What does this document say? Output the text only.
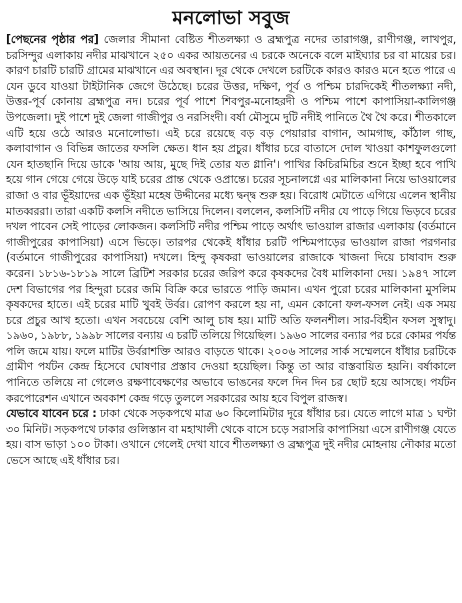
মনলোভা সবুজ

[পেছনের পৃষ্ঠার পর] জেলার সীমানা বেষ্টিত শীতলক্ষ্যা ও ব্রহ্মপুত্র নদের তারাগঞ্জ, রাণীগঞ্জ, লাখপুর, চরসিন্দুর এলাকায় নদীর মাঝখানে ২৫০ একর আয়তনের এ চরকে অনেকে বলে মাইঘ্যার চর বা মায়ের চর। কারণ চারটি চারটি গ্রামের মাঝখানে এর অবস্থান। দূর থেকে দেখলে চরটিকে কারও কারও মনে হতে পারে এ যেন ডুবে যাওয়া টাইটানিক জেগে উঠেছে। চরের উত্তর, দক্ষিণ, পূর্ব ও পশ্চিম চারদিকেই শীতলক্ষ্যা নদী, উত্তর-পূর্ব কোনায় ব্রহ্মপুত্র নদ। চরের পূর্ব পাশে শিবপুর-মনোহরদী ও পশ্চিম পাশে কাপাসিয়া-কালিগঞ্জ উপজেলা। দুই পাশে দুই জেলা গাজীপুর ও নরসিংদী। বর্ষা মৌসুমে দুটি নদীই পানিতে থৈ থৈ করে। শীতকালে এটি হয়ে ওঠে আরও মনোলোভা। এই চরে রয়েছে বড় বড় পেয়ারার বাগান, আমগাছ, কাঁঠাল গাছ, কলাবাগান ও বিভিন্ন জাতের ফসলি ক্ষেত। ধান হয় প্রচুর। ধাঁধার চরে বাতাসে দোল খাওয়া কাশফুলগুলো যেন হাতছানি দিয়ে ডাকে 'আয় আয়, মুছে দিই তোর যত গ্লানি'। পাখির কিচিরমিচির শুনে ইচ্ছা হবে পাখি হয়ে গান গেয়ে গেয়ে উড়ে যাই চরের প্রান্ত থেকে ওপ্রান্তে। চরের সূচনালগ্নে এর মালিকানা নিয়ে ভাওয়ালের রাজা ও বার ভূঁইয়াদের এক ভূঁইয়া মহেষ উদ্দীনের মধ্যে দ্বন্দ্ব শুরু হয়। বিরোধ মেটাতে এগিয়ে এলেন স্থানীয় মাতব্বররা। তারা একটি কলসি নদীতে ভাসিয়ে দিলেন। বললেন, কলসিটি নদীর যে পাড়ে গিয়ে ভিড়বে চরের দখল পাবেন সেই পাড়ের লোকজন। কলসিটি নদীর পশ্চিম পাড়ে অর্থাৎ ভাওয়াল রাজার এলাকায় (বর্তমানে গাজীপুরের কাপাসিয়া) এসে ভিড়ে। তারপর থেকেই ধাঁধার চরটি পশ্চিমপাড়ের ভাওয়াল রাজা পরগনার (বর্তমানে গাজীপুরের কাপাসিয়া) দখলে। হিন্দু কৃষকরা ভাওয়ালের রাজাকে খাজনা দিয়ে চাষাবাদ শুরু করেন। ১৮১৬-১৮১৯ সালে ব্রিটিশ সরকার চরের জরিপ করে কৃষকদের বৈধ মালিকানা দেয়। ১৯৪৭ সালে দেশ বিভাগের পর হিন্দুরা চরের জমি বিক্রি করে ভারতে পাড়ি জমান। এখন পুরো চরের মালিকানা মুসলিম কৃষকদের হাতে। এই চরের মাটি খুবই উর্বর। রোপণ করলে হয় না, এমন কোনো ফল-ফসল নেই। এক সময় চরে প্রচুর আখ হতো। এখন সবচেয়ে বেশি আলু চাষ হয়। মাটি অতি ফলনশীল। সার-বিহীন ফসল সুস্বাদু। ১৯৬০, ১৯৮৮, ১৯৯৮ সালের বন্যায় এ চরটি তলিয়ে গিয়েছিল। ১৯৬০ সালের বন্যার পর চরে কোমর পর্যন্ত পলি জমে যায়। ফলে মাটির উর্বরাশক্তি আরও বাড়তে থাকে। ২০০৬ সালের সার্ক সম্মেলনে ধাঁধার চরটিকে গ্রামীণ পর্যটন কেন্দ্র হিসেবে ঘোষণার প্রস্তাব দেওয়া হয়েছিল। কিন্তু তা আর বাস্তবায়িত হয়নি। বর্ষাকালে পানিতে তলিয়ে না গেলেও রক্ষণাবেক্ষণের অভাবে ভাঙনের ফলে দিন দিন চর ছোট হয়ে আসছে। পর্যটন করপোরেশন এখানে অবকাশ কেন্দ্র গড়ে তুললে সরকারের আয় হবে বিপুল রাজস্ব।

যেভাবে যাবেন চরে : ঢাকা থেকে সড়কপথে মাত্র ৬০ কিলোমিটার দূরে ধাঁধার চর। যেতে লাগে মাত্র ১ ঘণ্টা ৩০ মিনিট। সড়কপথে ঢাকার গুলিস্তান বা মহাখালী থেকে বাসে চড়ে সরাসরি কাপাসিয়া এসে রাণীগঞ্জ যেতে হয়। বাস ভাড়া ১০০ টাকা। ওখানে গেলেই দেখা যাবে শীতলক্ষ্যা ও ব্রহ্মপুত্র দুই নদীর মোহনায় নৌকার মতো ভেসে আছে এই ধাঁধার চর।
